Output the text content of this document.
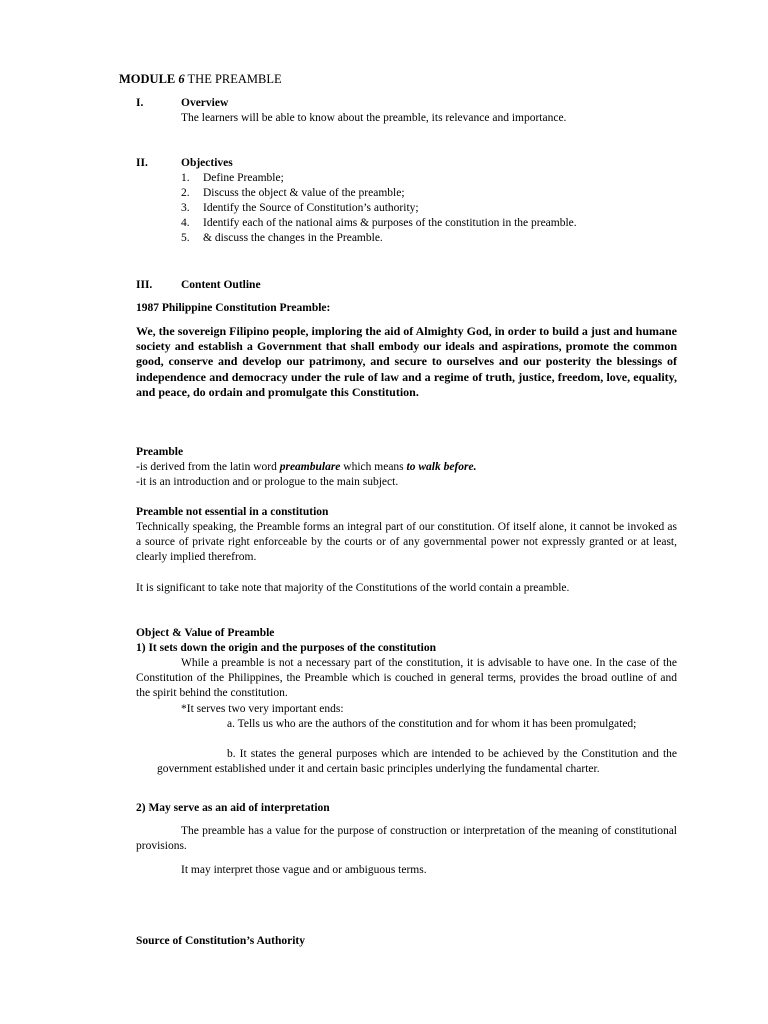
MODULE 6 THE PREAMBLE
I.	Overview
The learners will be able to know about the preamble, its relevance and importance.
II.	Objectives
1. Define Preamble;
2. Discuss the object & value of the preamble;
3. Identify the Source of Constitution’s authority;
4. Identify each of the national aims & purposes of the constitution in the preamble.
5. & discuss the changes in the Preamble.
III. Content Outline
1987 Philippine Constitution Preamble:
We, the sovereign Filipino people, imploring the aid of Almighty God, in order to build a just and humane society and establish a Government that shall embody our ideals and aspirations, promote the common good, conserve and develop our patrimony, and secure to ourselves and our posterity the blessings of independence and democracy under the rule of law and a regime of truth, justice, freedom, love, equality, and peace, do ordain and promulgate this Constitution.
Preamble
-is derived from the latin word preambulare which means to walk before.
-it is an introduction and or prologue to the main subject.
Preamble not essential in a constitution
Technically speaking, the Preamble forms an integral part of our constitution. Of itself alone, it cannot be invoked as a source of private right enforceable by the courts or of any governmental power not expressly granted or at least, clearly implied therefrom.
It is significant to take note that majority of the Constitutions of the world contain a preamble.
Object & Value of Preamble
1) It sets down the origin and the purposes of the constitution
While a preamble is not a necessary part of the constitution, it is advisable to have one. In the case of the Constitution of the Philippines, the Preamble which is couched in general terms, provides the broad outline of and the spirit behind the constitution.
*It serves two very important ends:
a. Tells us who are the authors of the constitution and for whom it has been promulgated;
b. It states the general purposes which are intended to be achieved by the Constitution and the government established under it and certain basic principles underlying the fundamental charter.
2) May serve as an aid of interpretation
The preamble has a value for the purpose of construction or interpretation of the meaning of constitutional provisions.
It may interpret those vague and or ambiguous terms.
Source of Constitution’s Authority
